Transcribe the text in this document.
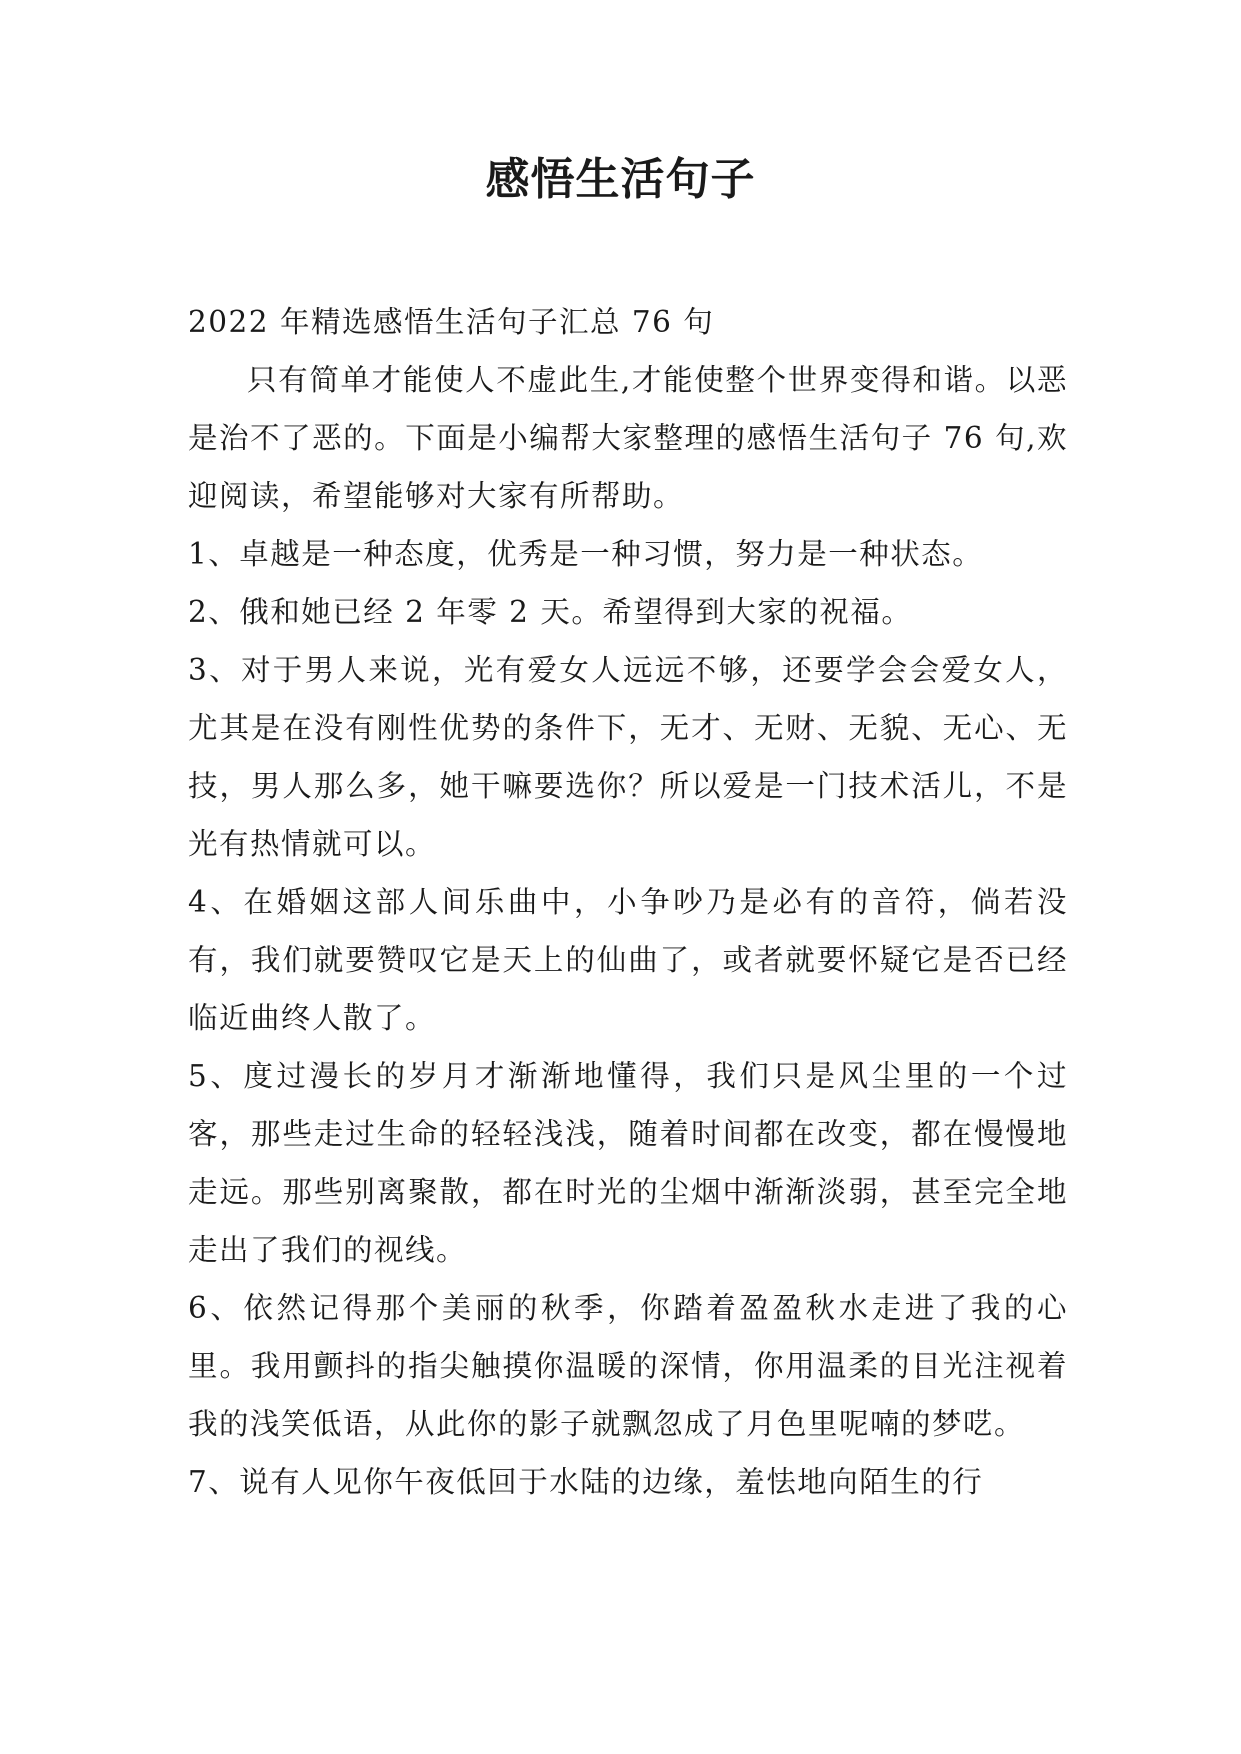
感悟生活句子

2022 年精选感悟生活句子汇总 76 句

只有简单才能使人不虚此生,才能使整个世界变得和谐。以恶是治不了恶的。下面是小编帮大家整理的感悟生活句子 76 句,欢迎阅读，希望能够对大家有所帮助。

1、卓越是一种态度，优秀是一种习惯，努力是一种状态。

2、俄和她已经 2 年零 2 天。希望得到大家的祝福。

3、对于男人来说，光有爱女人远远不够，还要学会会爱女人，尤其是在没有刚性优势的条件下，无才、无财、无貌、无心、无技，男人那么多，她干嘛要选你？所以爱是一门技术活儿，不是光有热情就可以。

4、在婚姻这部人间乐曲中，小争吵乃是必有的音符，倘若没有，我们就要赞叹它是天上的仙曲了，或者就要怀疑它是否已经临近曲终人散了。

5、度过漫长的岁月才渐渐地懂得，我们只是风尘里的一个过客，那些走过生命的轻轻浅浅，随着时间都在改变，都在慢慢地走远。那些别离聚散，都在时光的尘烟中渐渐淡弱，甚至完全地走出了我们的视线。

6、依然记得那个美丽的秋季，你踏着盈盈秋水走进了我的心里。我用颤抖的指尖触摸你温暖的深情，你用温柔的目光注视着我的浅笑低语，从此你的影子就飘忽成了月色里呢喃的梦呓。

7、说有人见你午夜低回于水陆的边缘，羞怯地向陌生的行
